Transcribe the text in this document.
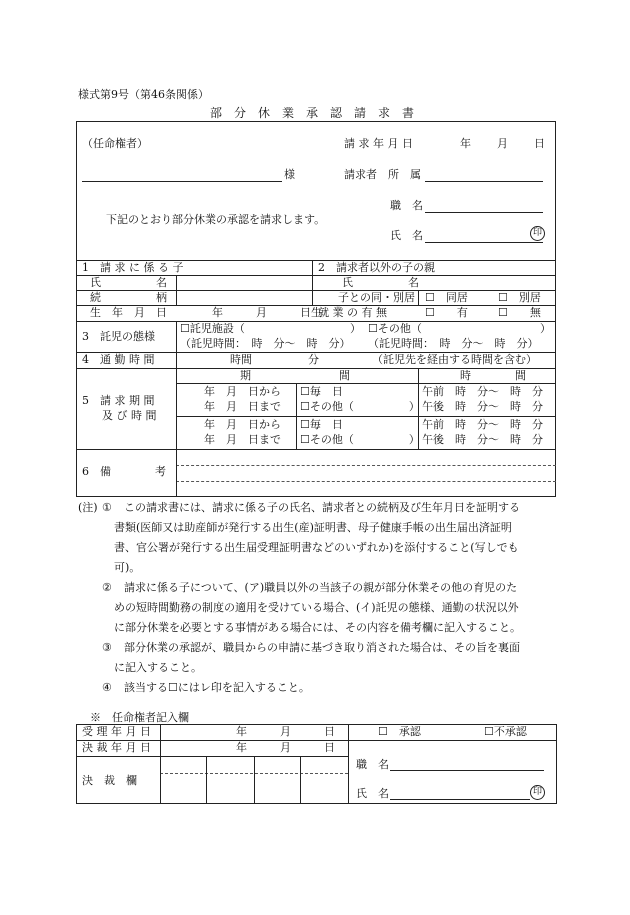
様式第9号（第46条関係）
部　分　休　業　承　認　請　求　書
（任命権者）
様
請 求 年 月 日	年 月 日
請求者　所　属
職　名
下記のとおり部分休業の承認を請求します。
氏　名	印
1　請 求 に 係 る 子
氏　　　　　名
続　　　　　柄
生　年　月　日	年　　　月　　　日生
2　請求者以外の子の親
氏　　　　　名
子との同・別居 ☐　同居	☐　別居
就 業 の 有 無	☐　　有	☐　　無
3　託児の態様
☐託児施設（	） ☐その他（	）
（託児時間：　時　分～　時　分） （託児時間：　時　分～　時　分）
4　通 勤 時 間	時間	分	（託児先を経由する時間を含む）
5　請 求 期 間
及 び 時 間
期　　　　　　　　間	時　　　　間
年　月　日から ☐毎　日	午前　時　分～　時　分
年　月　日まで ☐その他（　　　　　） 午後　時　分～　時　分
年　月　日から ☐毎　日	午前　時　分～　時　分
年　月　日まで ☐その他（　　　　　） 午後　時　分～　時　分
6　備　　　　考
(注) ① この請求書には、請求に係る子の氏名、請求者との続柄及び生年月日を証明する
書類(医師又は助産師が発行する出生(産)証明書、母子健康手帳の出生届出済証明
書、官公署が発行する出生届受理証明書などのいずれか)を添付すること(写しでも
可)。
② 請求に係る子について、(ア)職員以外の当該子の親が部分休業その他の育児のた
めの短時間勤務の制度の適用を受けている場合、(イ)託児の態様、通勤の状況以外
に部分休業を必要とする事情がある場合には、その内容を備考欄に記入すること。
③ 部分休業の承認が、職員からの申請に基づき取り消された場合は、その旨を裏面
に記入すること。
④ 該当する☐にはレ印を記入すること。
※　任命権者記入欄
受 理 年 月 日	年　　　月　　　日	☐　承認	☐不承認
決 裁 年 月 日	年　　　月　　　日
決　裁　欄
職　名
氏　名	印
